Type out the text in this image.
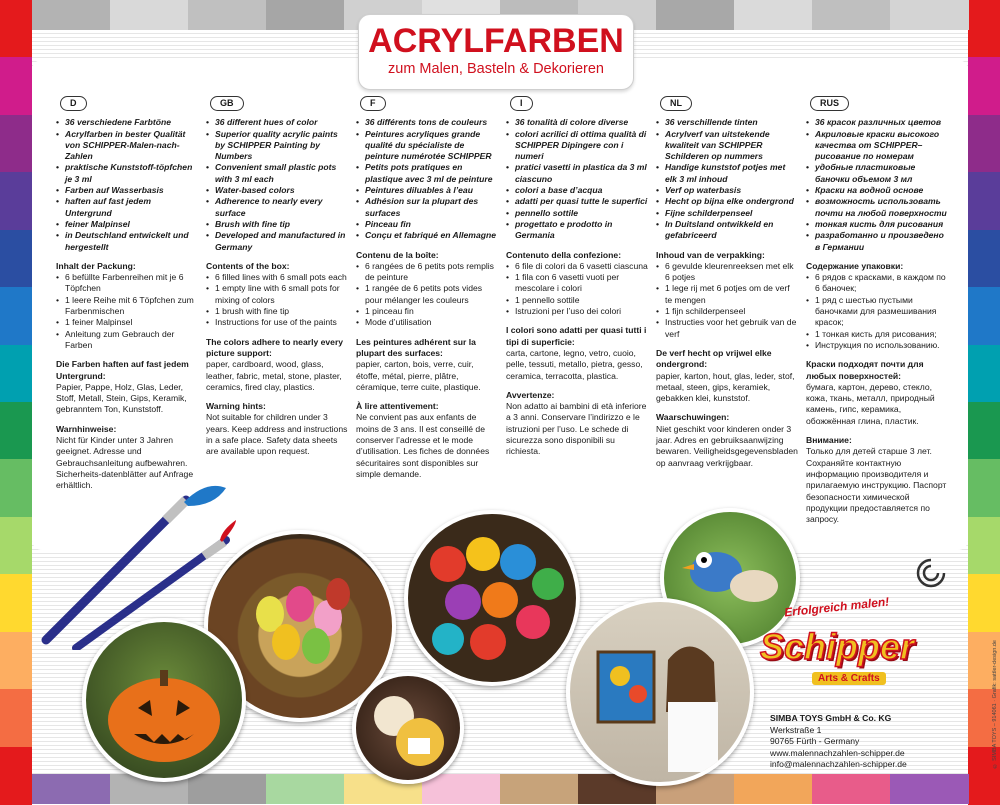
ACRYLFARBEN
zum Malen, Basteln & Dekorieren
D
• 36 verschiedene Farbtöne
• Acrylfarben in bester Qualität von SCHIPPER-Malen-nach-Zahlen
• praktische Kunststoff-töpfchen je 3 ml
• Farben auf Wasserbasis
• haften auf fast jedem Untergrund
• feiner Malpinsel
• in Deutschland entwickelt und hergestellt
Inhalt der Packung:
• 6 befüllte Farbenreihen mit je 6 Töpfchen
• 1 leere Reihe mit 6 Töpfchen zum Farbenmischen
• 1 feiner Malpinsel
• Anleitung zum Gebrauch der Farben
Die Farben haften auf fast jedem Untergrund:
Papier, Pappe, Holz, Glas, Leder, Stoff, Metall, Stein, Gips, Keramik, gebranntem Ton, Kunststoff.
Warnhinweise:
Nicht für Kinder unter 3 Jahren geeignet. Adresse und Gebrauchsanleitung aufbewahren. Sicherheits-datenblätter auf Anfrage erhältlich.
GB
• 36 different hues of color
• Superior quality acrylic paints by SCHIPPER Painting by Numbers
• Convenient small plastic pots with 3 ml each
• Water-based colors
• Adherence to nearly every surface
• Brush with fine tip
• Developed and manufactured in Germany
Contents of the box:
• 6 filled lines with 6 small pots each
• 1 empty line with 6 small pots for mixing of colors
• 1 brush with fine tip
• Instructions for use of the paints
The colors adhere to nearly every picture support:
paper, cardboard, wood, glass, leather, fabric, metal, stone, plaster, ceramics, fired clay, plastics.
Warning hints:
Not suitable for children under 3 years. Keep address and instructions in a safe place. Safety data sheets are available upon request.
F
• 36 différents tons de couleurs
• Peintures acryliques grande qualité du spécialiste de peinture numérotée SCHIPPER
• Petits pots pratiques en plastique avec 3 ml de peinture
• Peintures diluables à l’eau
• Adhésion sur la plupart des surfaces
• Pinceau fin
• Conçu et fabriqué en Allemagne
Contenu de la boîte:
• 6 rangées de 6 petits pots remplis de peinture
• 1 rangée de 6 petits pots vides pour mélanger les couleurs
• 1 pinceau fin
• Mode d’utilisation
Les peintures adhérent sur la plupart des surfaces:
papier, carton, bois, verre, cuir, étoffe, métal, pierre, plâtre, céramique, terre cuite, plastique.
À lire attentivement:
Ne convient pas aux enfants de moins de 3 ans. Il est conseillé de conserver l’adresse et le mode d’utilisation. Les fiches de données sécuritaires sont disponibles sur simple demande.
I
• 36 tonalità di colore diverse
• colori acrilici di ottima qualità di SCHIPPER Dipingere con i numeri
• pratici vasetti in plastica da 3 ml ciascuno
• colori a base d’acqua
• adatti per quasi tutte le superfici
• pennello sottile
• progettato e prodotto in Germania
Contenuto della confezione:
• 6 file di colori da 6 vasetti ciascuna
• 1 fila con 6 vasetti vuoti per mescolare i colori
• 1 pennello sottile
• Istruzioni per l’uso dei colori
I colori sono adatti per quasi tutti i tipi di superficie:
carta, cartone, legno, vetro, cuoio, pelle, tessuti, metallo, pietra, gesso, ceramica, terracotta, plastica.
Avvertenze:
Non adatto ai bambini di età inferiore a 3 anni. Conservare l’indirizzo e le istruzioni per l’uso. Le schede di sicurezza sono disponibili su richiesta.
NL
• 36 verschillende tinten
• Acrylverf van uitstekende kwaliteit van SCHIPPER Schilderen op nummers
• Handige kunststof potjes met elk 3 ml inhoud
• Verf op waterbasis
• Hecht op bijna elke ondergrond
• Fijne schilderpenseel
• In Duitsland ontwikkeld en gefabriceerd
Inhoud van de verpakking:
• 6 gevulde kleurenreeksen met elk 6 potjes
• 1 lege rij met 6 potjes om de verf te mengen
• 1 fijn schilderpenseel
• Instructies voor het gebruik van de verf
De verf hecht op vrijwel elke ondergrond:
papier, karton, hout, glas, leder, stof, metaal, steen, gips, keramiek, gebakken klei, kunststof.
Waarschuwingen:
Niet geschikt voor kinderen onder 3 jaar. Adres en gebruiksaanwijzing bewaren. Veiligheidsgegevensbladen op aanvraag verkrijgbaar.
RUS
• 36 красок различных цветов
• Акриловые краски высокого качества от SCHIPPER– рисование по номерам
• удобные пластиковые баночки объемом 3 мл
• Краски на водной основе
• возможность использовать почти на любой поверхности
• тонкая кисть для рисования
• разработанно и произведено в Германии
Содержание упаковки:
• 6 рядов с красками, в каждом по 6 баночек;
• 1 ряд с шестью пустыми баночками для размешивания красок;
• 1 тонкая кисть для рисования;
• Инструкция по использованию.
Краски подходят почти для любых поверхностей:
бумага, картон, дерево, стекло, кожа, ткань, металл, природный камень, гипс, керамика, обожжённая глина, пластик.
Внимание:
Только для детей старше 3 лет. Сохраняйте контактную информацию производителя и прилагаемую инструкцию. Паспорт безопасности химической продукции предоставляется по запросу.
Erfolgreich malen!
Schipper
Arts & Crafts
SIMBA TOYS GmbH & Co. KG
Werkstraße 1
90765 Fürth - Germany
www.malennachzahlen-schipper.de
info@malennachzahlen-schipper.de	© SIMBA TOYS – 914061 · Grafik: sattler-design.de
